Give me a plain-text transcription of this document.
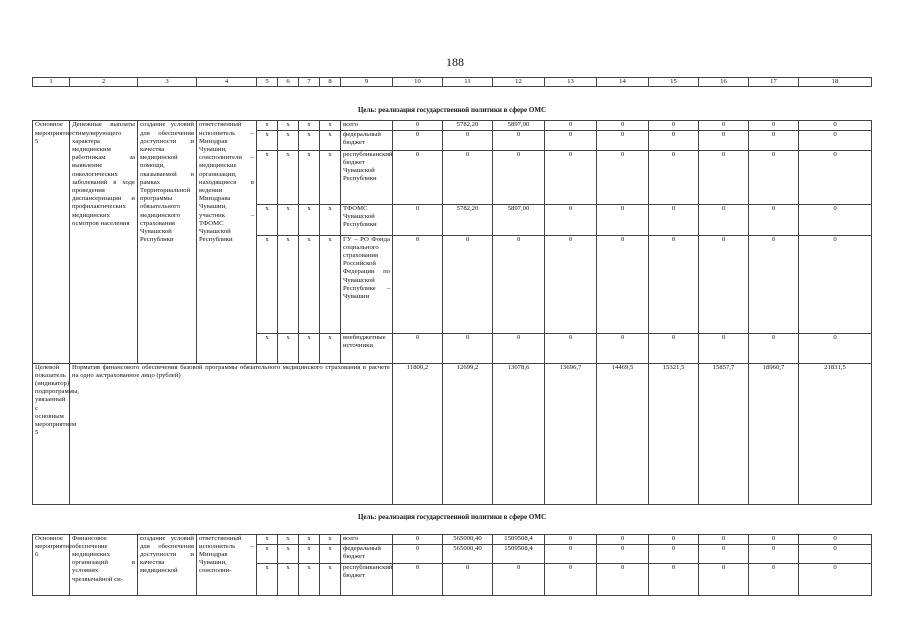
188
1	2	3	4	5	6	7	8	9	10	11	12	13	14	15	16	17	18
Цель: реализация государственной политики в сфере ОМС																	
Основное мероприятие 5	Денежные выплаты стимулирующего характера медицинским работникам за выявление онкологических заболеваний в ходе проведения диспансеризации и профилактических медицинских осмотров населения	создание условий для обеспечения доступности и качества медицинской помощи, оказываемой в рамках Территориальной программы обязательного медицинского страхования Чувашской Республики	ответственный исполнитель – Минздрав Чувашии, соисполнители – медицинские организации, находящиеся в ведении Минздрава Чувашии, участник – ТФОМС Чувашской Республики	x	x	x	x	всего	0	5782,20	5897,00	0	0	0	0	0	0
				x	x	x	x	федеральный бюджет	0	0	0	0	0	0	0	0	0
				x	x	x	x	республиканский бюджет Чувашской Республики	0	0	0	0	0	0	0	0	0
				x	x	x	x	ТФОМС Чувашской Республики	0	5782,20	5897,00	0	0	0	0	0	0
				x	x	x	x	ГУ – РО Фонда социального страхования Российской Федерации по Чувашской Республике – Чувашии	0	0	0	0	0	0	0	0	0
				x	x	x	x	внебюджетные источники	0	0	0	0	0	0	0	0	0
Целевой показатель (индикатор) подпрограммы, увязанный с основным мероприятием 5	Норматив финансового обеспечения базовой программы обязательного медицинского страхования в расчете на одно застрахованное лицо (рублей)								11800,2	12699,2	13078,6	13696,7	14469,5	15321,5	15857,7	18960,7	21831,5
Цель: реализация государственной политики в сфере ОМС																	
Основное мероприятие 6	Финансовое обеспечение медицинских организаций в условиях чрезвычайной си-	создание условий для обеспечения доступности и качества медицинской	ответственный исполнитель – Минздрав Чувашии, соисполни-	x	x	x	x	всего	0	565000,40	1509508,4	0	0	0	0	0	0
				x	x	x	x	федеральный бюджет	0	565000,40	1509508,4	0	0	0	0	0	0
				x	x	x	x	республиканский бюджет	0	0	0	0	0	0	0	0	0
